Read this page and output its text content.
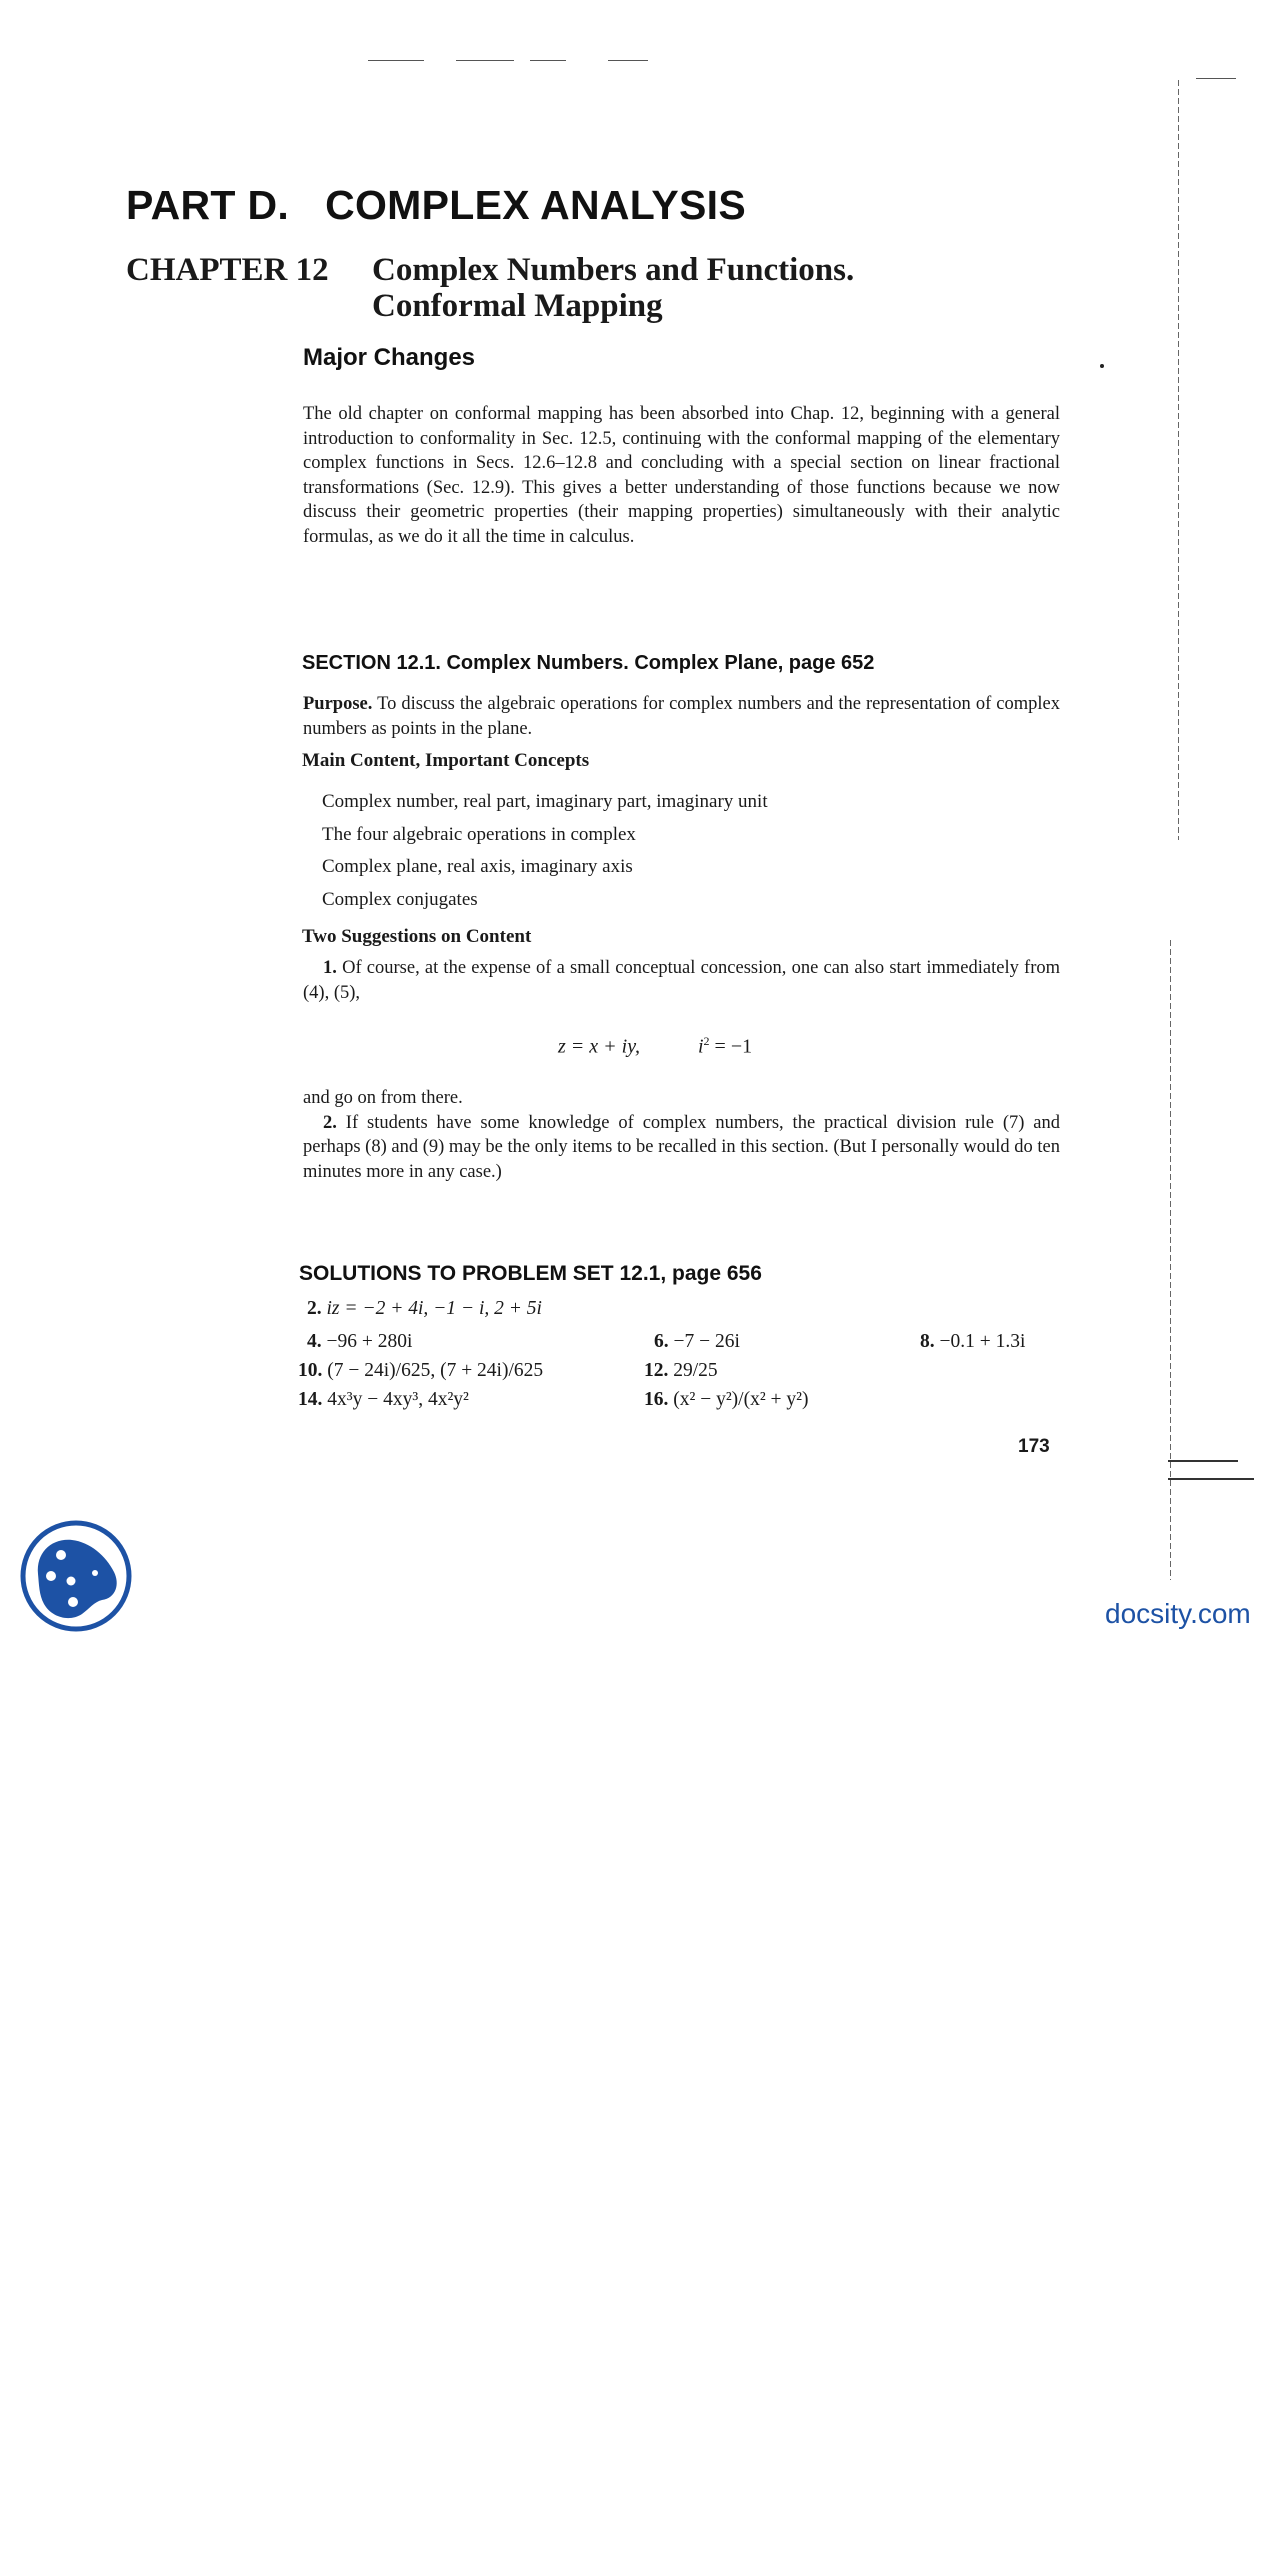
PART D. COMPLEX ANALYSIS
CHAPTER 12 Complex Numbers and Functions.
Conformal Mapping
Major Changes
The old chapter on conformal mapping has been absorbed into Chap. 12, beginning with a general introduction to conformality in Sec. 12.5, continuing with the conformal mapping of the elementary complex functions in Secs. 12.6–12.8 and concluding with a special section on linear fractional transformations (Sec. 12.9). This gives a better understanding of those functions because we now discuss their geometric properties (their mapping properties) simultaneously with their analytic formulas, as we do it all the time in calculus.
SECTION 12.1. Complex Numbers. Complex Plane, page 652
Purpose. To discuss the algebraic operations for complex numbers and the representation of complex numbers as points in the plane.
Main Content, Important Concepts
Complex number, real part, imaginary part, imaginary unit
The four algebraic operations in complex
Complex plane, real axis, imaginary axis
Complex conjugates
Two Suggestions on Content

1. Of course, at the expense of a small conceptual concession, one can also start immediately from (4), (5),

z = x + iy,	$i^2 = -1$
and go on from there.

2. If students have some knowledge of complex numbers, the practical division rule (7) and perhaps (8) and (9) may be the only items to be recalled in this section. (But I personally would do ten minutes more in any case.)

SOLUTIONS TO PROBLEM SET 12.1, page 656
2. iz = −2 + 4i, −1 − i, 2 + 5i
4. −96 + 280i	6. −7 − 26i	8. −0.1 + 1.3i
10. (7 − 24i)/625, (7 + 24i)/625	12. 29/25
14. 4x³y − 4xy³, 4x²y²	16. (x² − y²)/(x² + y²)
173
docsity.com
